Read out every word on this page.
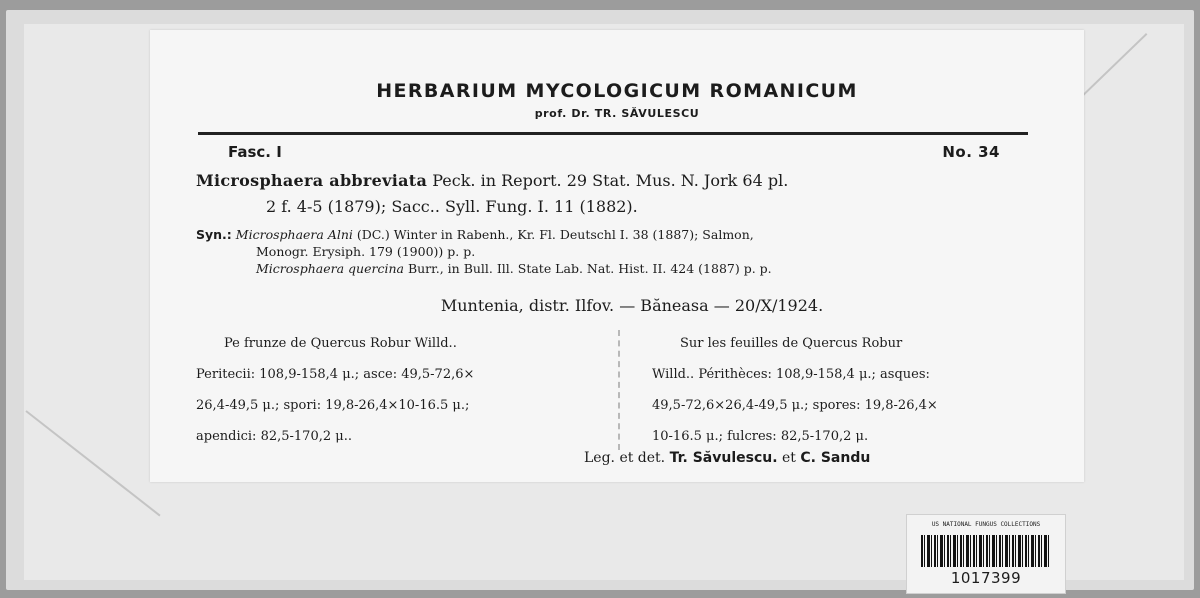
HERBARIUM MYCOLOGICUM ROMANICUM
prof. Dr. TR. SĂVULESCU
Fasc. I	No. 34
Microsphaera abbreviata Peck. in Report. 29 Stat. Mus. N. Jork 64 pl.
2 f. 4-5 (1879); Sacc.. Syll. Fung. I. 11 (1882).
Syn.: Microsphaera Alni (DC.) Winter in Rabenh., Kr. Fl. Deutschl I. 38 (1887); Salmon,
Monogr. Erysiph. 179 (1900)) p. p.
Microsphaera quercina Burr., in Bull. Ill. State Lab. Nat. Hist. II. 424 (1887) p. p.
Muntenia, distr. Ilfov. — Băneasa — 20/X/1924.

Pe frunze de Quercus Robur Willd..

Peritecii: 108,9-158,4 μ.; asce: 49,5-72,6×

26,4-49,5 μ.; spori: 19,8-26,4×10-16.5 μ.;

apendici: 82,5-170,2 μ..

Sur les feuilles de Quercus Robur

Willd.. Périthèces: 108,9-158,4 μ.; asques:

49,5-72,6×26,4-49,5 μ.; spores: 19,8-26,4×

10-16.5 μ.; fulcres: 82,5-170,2 μ.

Leg. et det. Tr. Săvulescu. et C. Sandu
US NATIONAL FUNGUS COLLECTIONS
1017399
